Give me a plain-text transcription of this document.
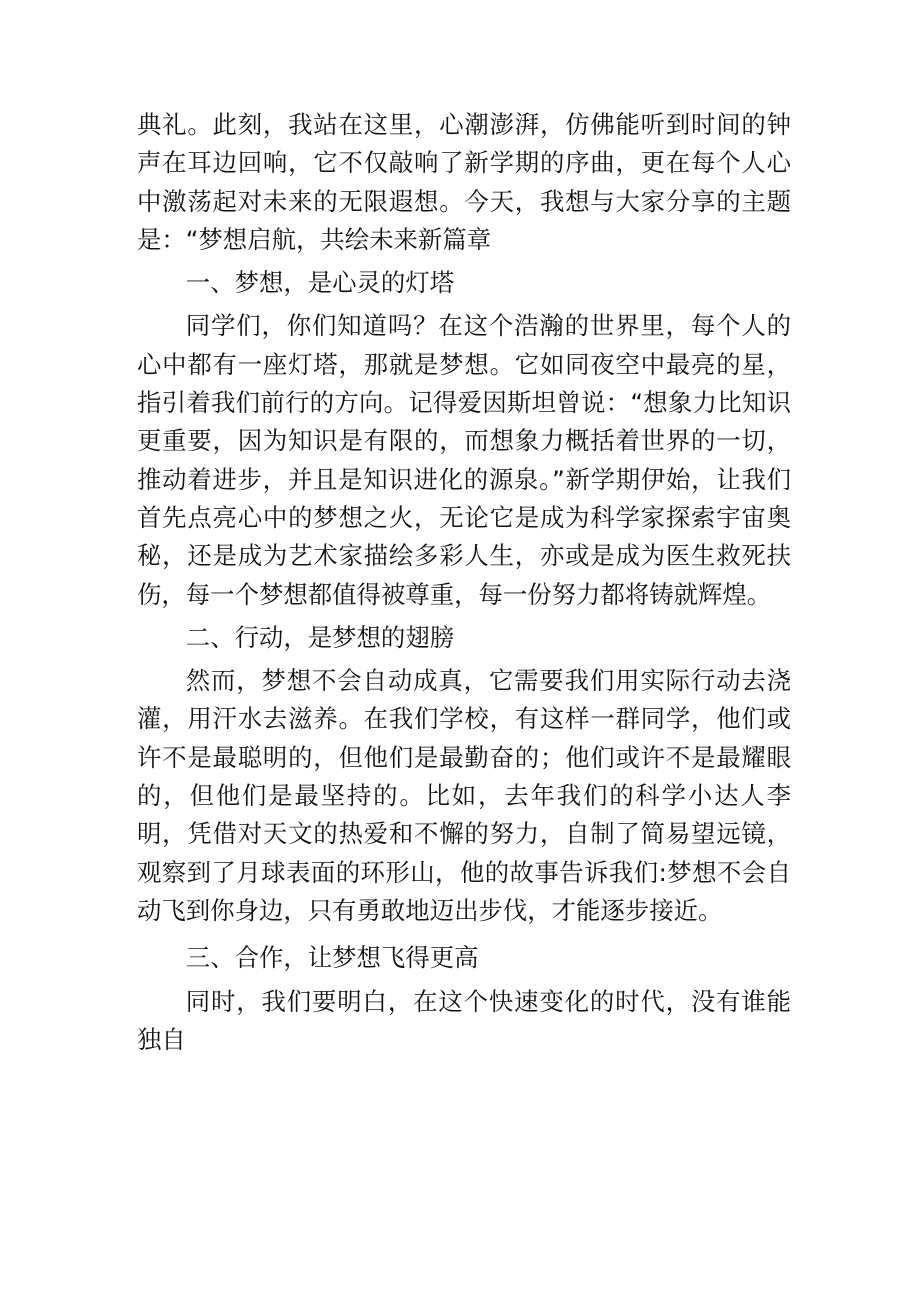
典礼。此刻，我站在这里，心潮澎湃，仿佛能听到时间的钟声在耳边回响，它不仅敲响了新学期的序曲，更在每个人心中激荡起对未来的无限遐想。今天，我想与大家分享的主题是：“梦想启航，共绘未来新篇章

一、梦想，是心灵的灯塔

同学们，你们知道吗？在这个浩瀚的世界里，每个人的心中都有一座灯塔，那就是梦想。它如同夜空中最亮的星，指引着我们前行的方向。记得爱因斯坦曾说：“想象力比知识更重要，因为知识是有限的，而想象力概括着世界的一切，推动着进步，并且是知识进化的源泉。”新学期伊始，让我们首先点亮心中的梦想之火，无论它是成为科学家探索宇宙奥秘，还是成为艺术家描绘多彩人生，亦或是成为医生救死扶伤，每一个梦想都值得被尊重，每一份努力都将铸就辉煌。

二、行动，是梦想的翅膀

然而，梦想不会自动成真，它需要我们用实际行动去浇灌，用汗水去滋养。在我们学校，有这样一群同学，他们或许不是最聪明的，但他们是最勤奋的；他们或许不是最耀眼的，但他们是最坚持的。比如，去年我们的科学小达人李明，凭借对天文的热爱和不懈的努力，自制了简易望远镜，观察到了月球表面的环形山，他的故事告诉我们:梦想不会自动飞到你身边，只有勇敢地迈出步伐，才能逐步接近。

三、合作，让梦想飞得更高

同时，我们要明白，在这个快速变化的时代，没有谁能独自
